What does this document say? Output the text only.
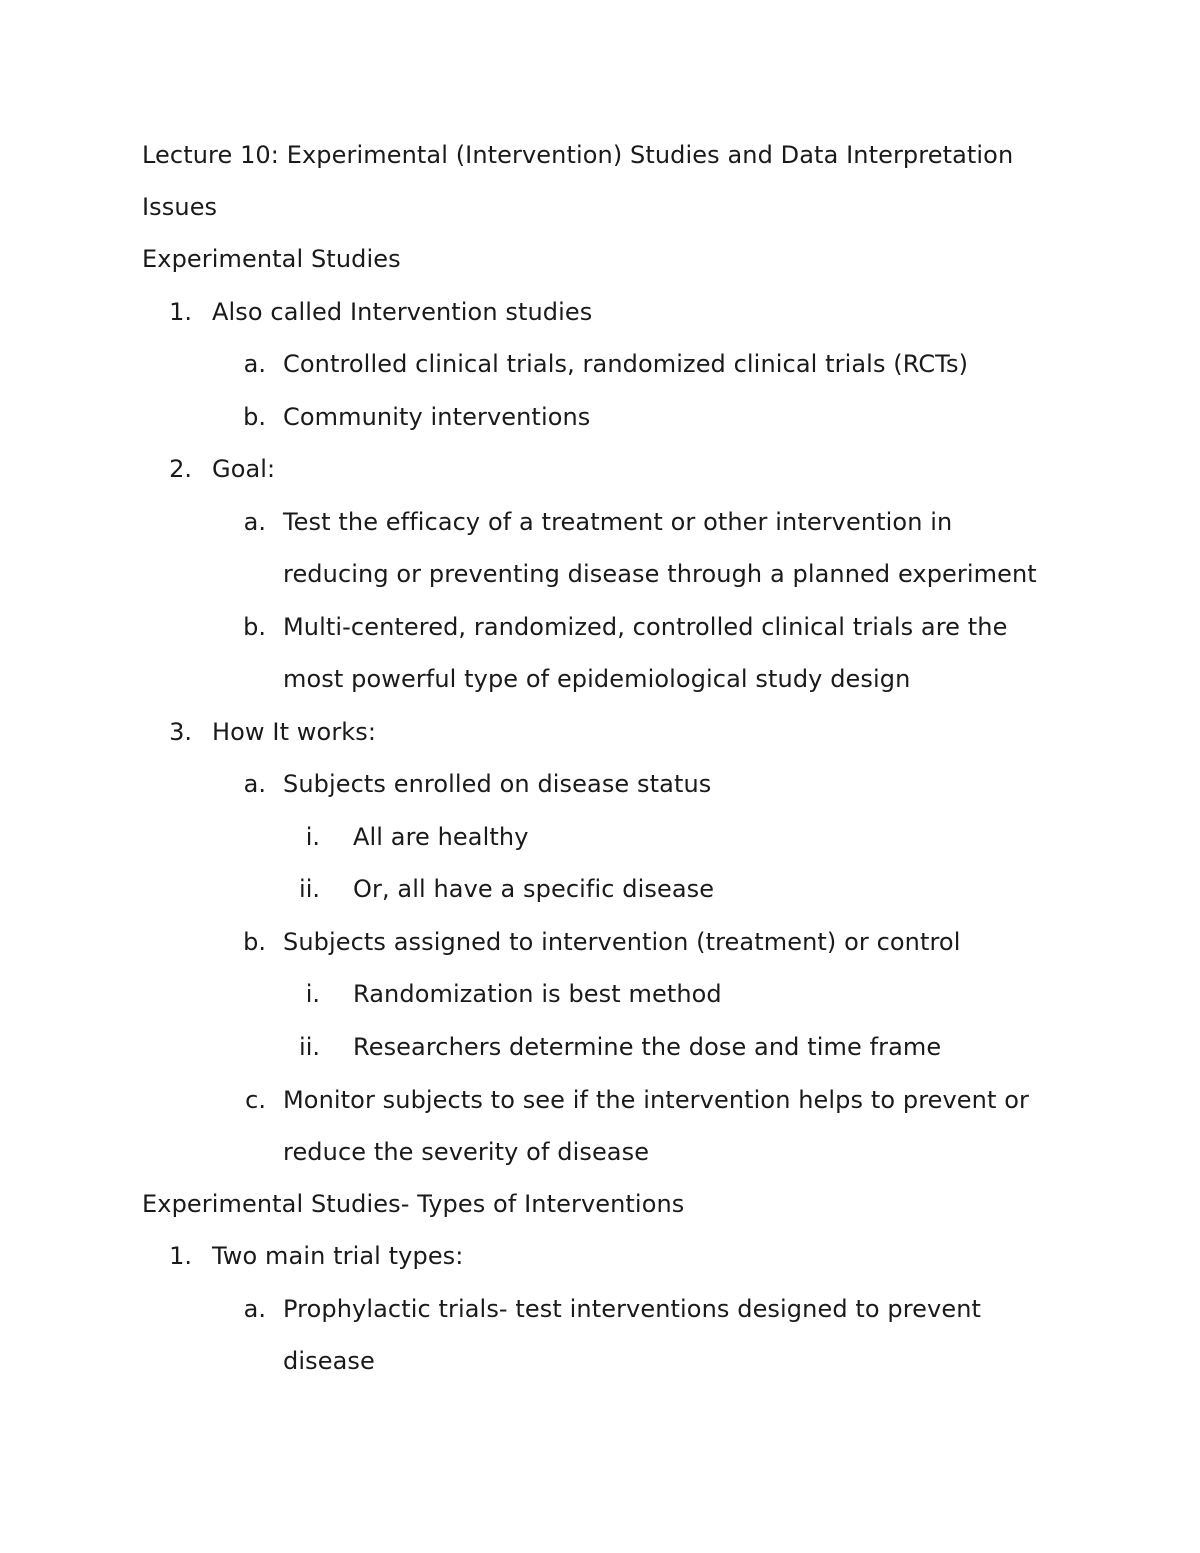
Lecture 10: Experimental (Intervention) Studies and Data Interpretation
Issues
Experimental Studies
1. Also called Intervention studies
a. Controlled clinical trials, randomized clinical trials (RCTs)
b. Community interventions
2. Goal:
a. Test the efficacy of a treatment or other intervention in
reducing or preventing disease through a planned experiment
b. Multi-centered, randomized, controlled clinical trials are the
most powerful type of epidemiological study design
3. How It works:
a. Subjects enrolled on disease status
i. All are healthy
ii. Or, all have a specific disease
b. Subjects assigned to intervention (treatment) or control
i. Randomization is best method
ii. Researchers determine the dose and time frame
c. Monitor subjects to see if the intervention helps to prevent or
reduce the severity of disease
Experimental Studies- Types of Interventions
1. Two main trial types:
a. Prophylactic trials- test interventions designed to prevent
disease
